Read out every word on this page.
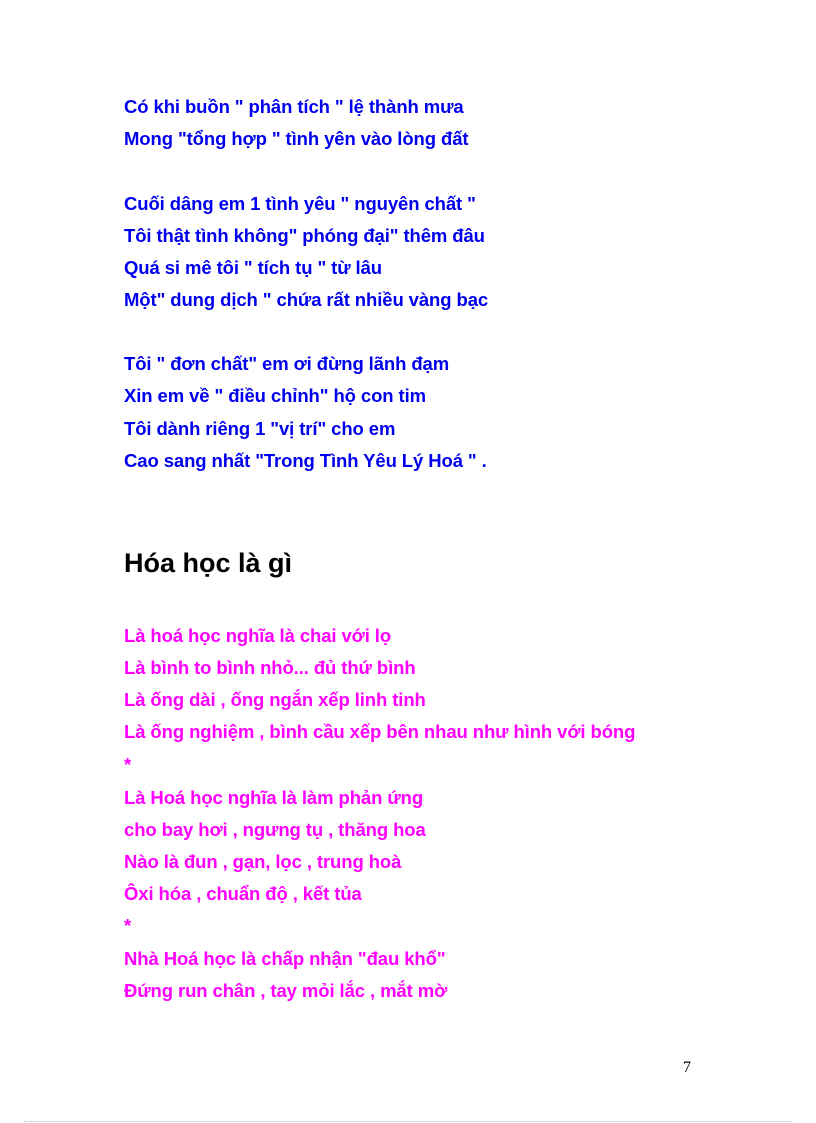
Có khi buồn " phân tích " lệ thành mưa
Mong "tổng hợp " tình yên vào lòng đất
Cuối dâng em 1 tình yêu " nguyên chất "
Tôi thật tình không" phóng đại" thêm đâu
Quá si mê tôi " tích tụ " từ lâu
Một" dung dịch " chứa rất nhiều vàng bạc
Tôi " đơn chất" em ơi đừng lãnh đạm
Xin em về " điều chỉnh" hộ con tim
Tôi dành riêng 1 "vị trí" cho em
Cao sang nhất "Trong Tình Yêu Lý Hoá " .
Hóa học là gì
Là hoá học nghĩa là chai với lọ
Là bình to bình nhỏ... đủ thứ bình
Là ống dài , ống ngắn xếp linh tinh
Là ống nghiệm , bình cầu xếp bên nhau như hình với bóng
*
Là Hoá học nghĩa là làm phản ứng
cho bay hơi , ngưng tụ , thăng hoa
Nào là đun , gạn, lọc , trung hoà
Ôxi hóa , chuẩn độ , kết tủa
*
Nhà Hoá học là chấp nhận "đau khổ"
Đứng run chân , tay mỏi lắc , mắt mờ
7
